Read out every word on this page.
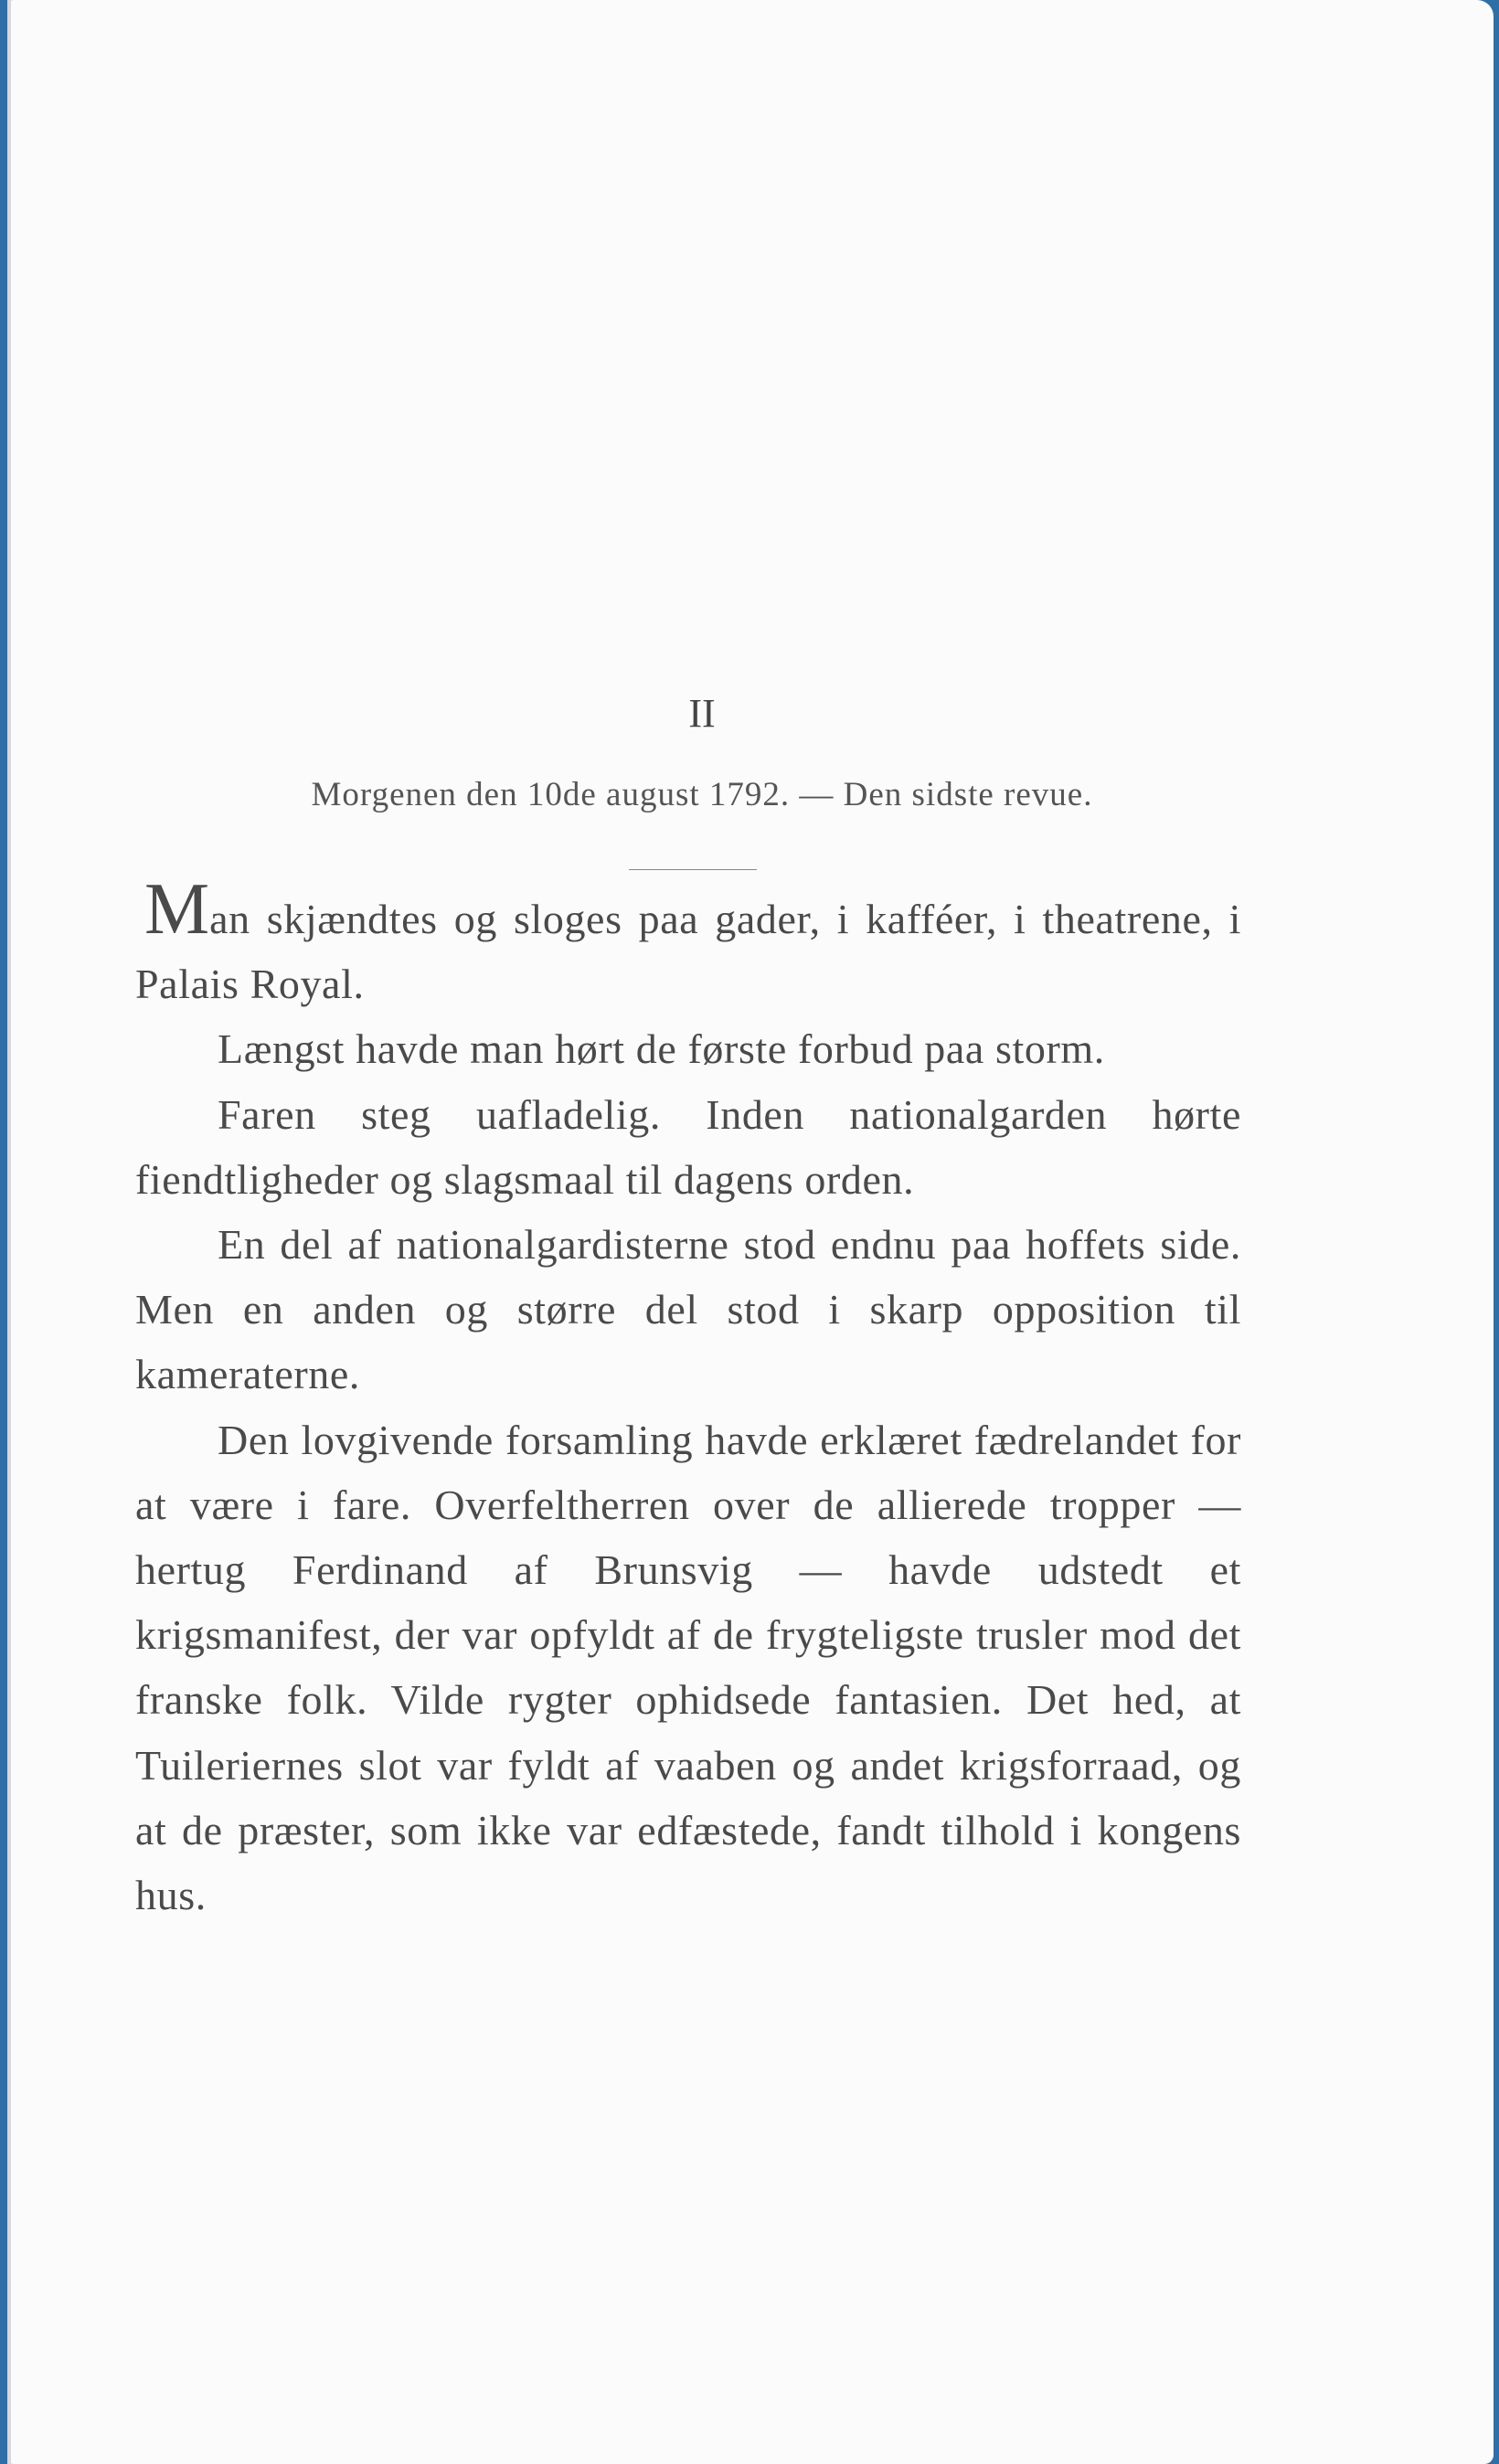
II
Morgenen den 10de august 1792. — Den sidste revue.

Man skjændtes og sloges paa gader, i kafféer, i theatrene, i Palais Royal.

Længst havde man hørt de første forbud paa storm.

Faren steg uafladelig. Inden nationalgarden hørte fiendtligheder og slagsmaal til dagens orden.

En del af nationalgardisterne stod endnu paa hoffets side. Men en anden og større del stod i skarp opposition til kameraterne.

Den lovgivende forsamling havde erklæret fædrelandet for at være i fare. Overfeltherren over de allierede tropper — hertug Ferdinand af Brunsvig — havde udstedt et krigsmanifest, der var opfyldt af de frygteligste trusler mod det franske folk. Vilde rygter ophidsede fantasien. Det hed, at Tuileriernes slot var fyldt af vaaben og andet krigsforraad, og at de præster, som ikke var edfæstede, fandt tilhold i kongens hus.
